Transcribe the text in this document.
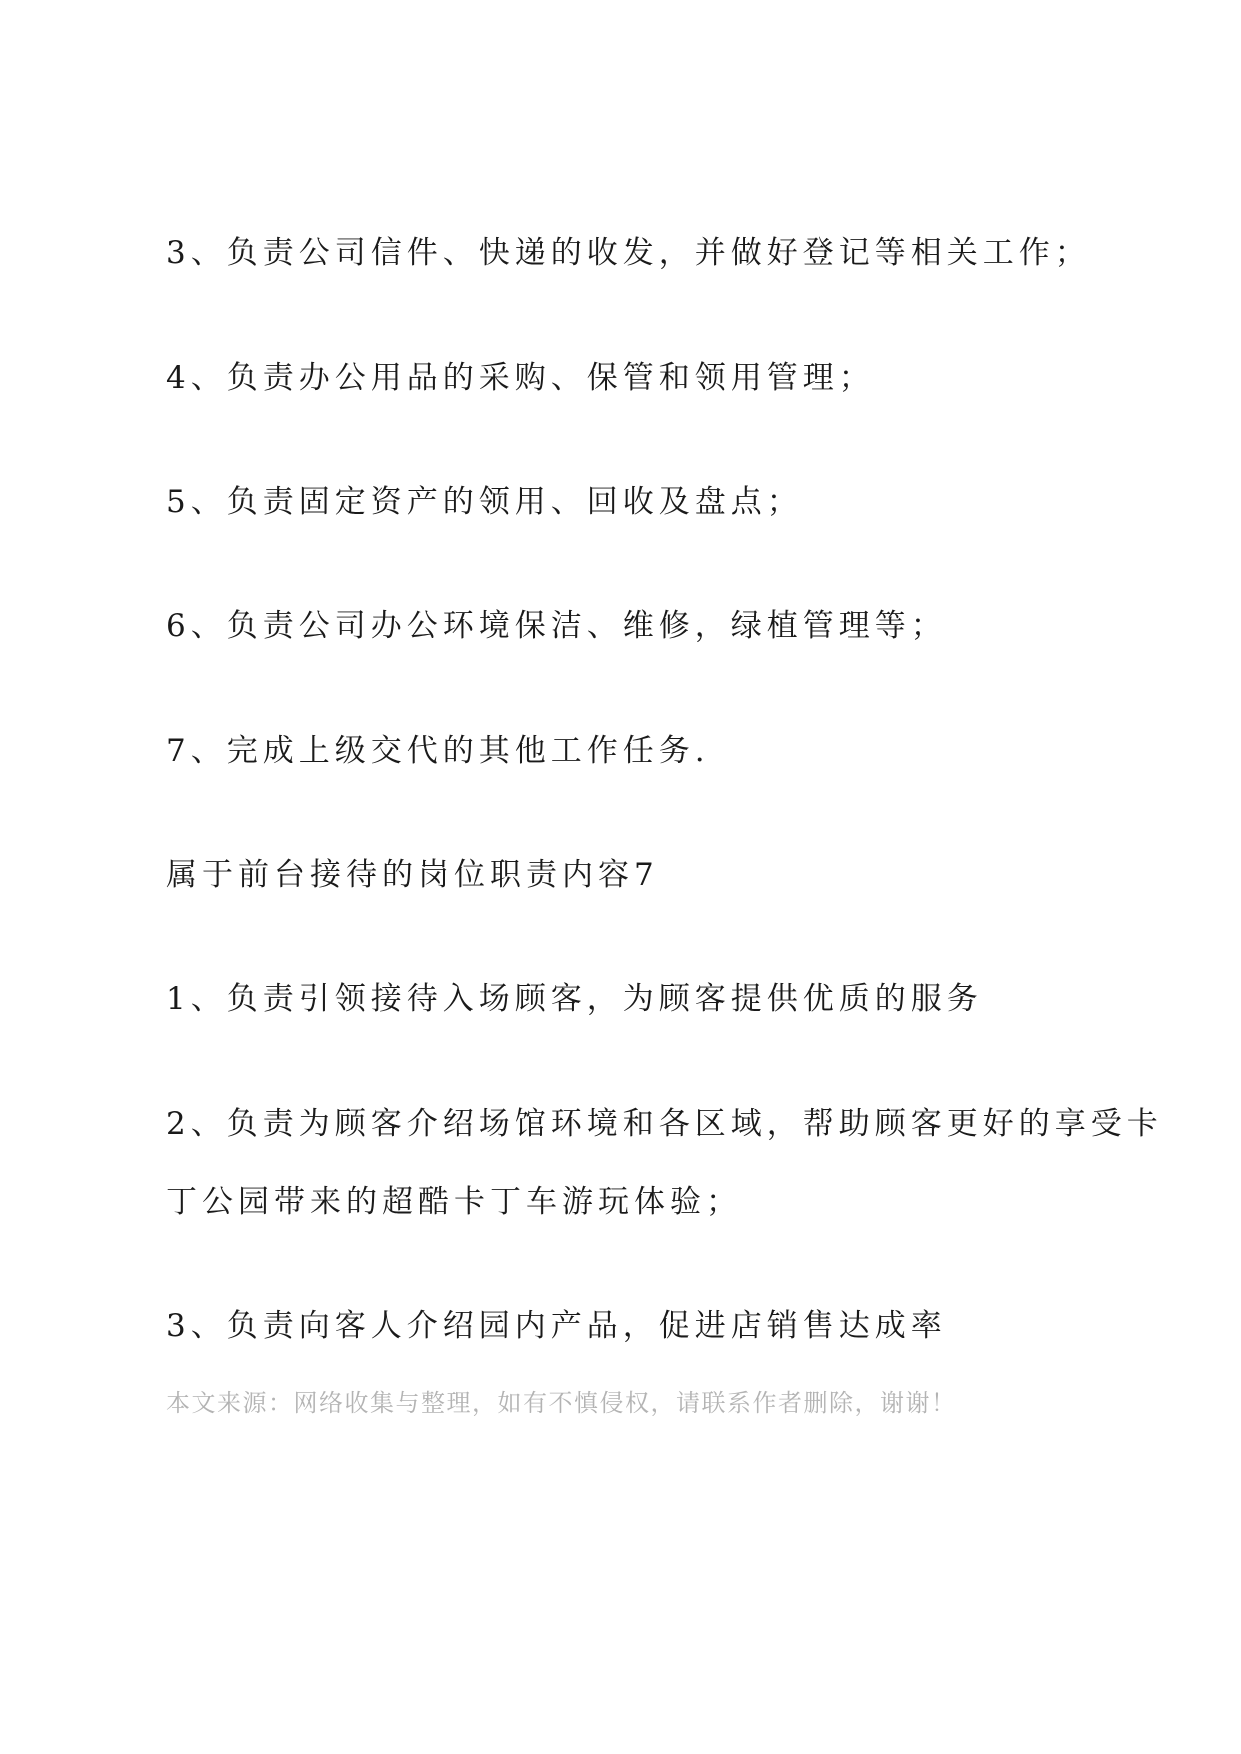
3、负责公司信件、快递的收发，并做好登记等相关工作；
4、负责办公用品的采购、保管和领用管理；
5、负责固定资产的领用、回收及盘点；
6、负责公司办公环境保洁、维修，绿植管理等；
7、完成上级交代的其他工作任务.
属于前台接待的岗位职责内容7
1、负责引领接待入场顾客，为顾客提供优质的服务
2、负责为顾客介绍场馆环境和各区域，帮助顾客更好的享受卡
丁公园带来的超酷卡丁车游玩体验；
3、负责向客人介绍园内产品，促进店销售达成率
本文来源：网络收集与整理，如有不慎侵权，请联系作者删除，谢谢！
